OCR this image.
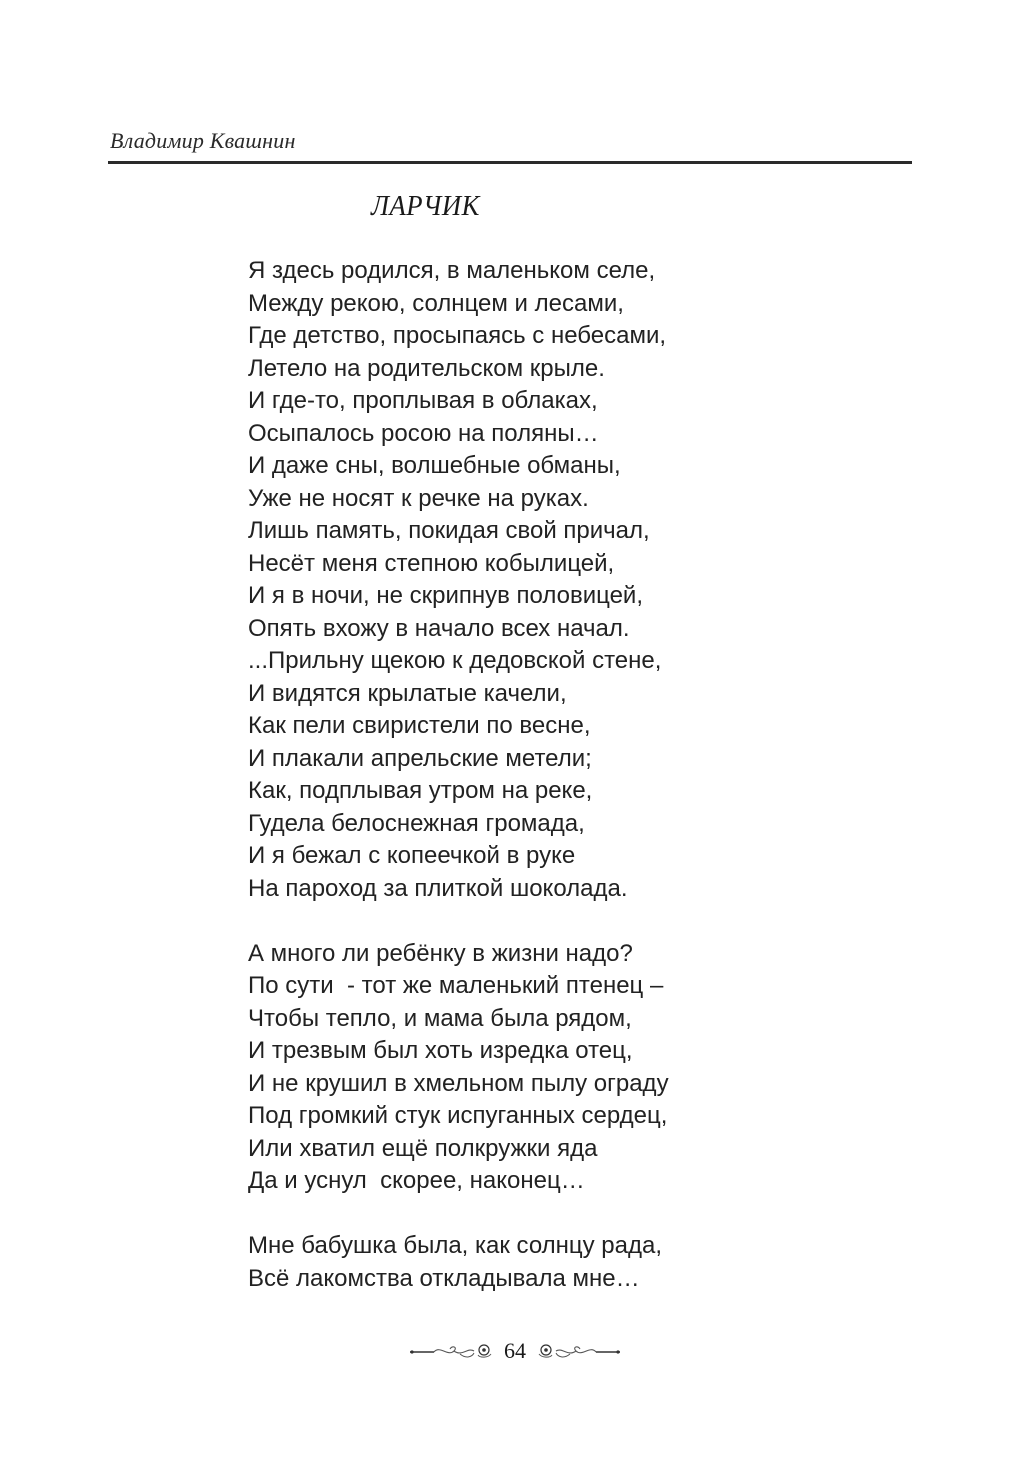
Владимир Квашнин
ЛАРЧИК
Я здесь родился, в маленьком селе,
Между рекою, солнцем и лесами,
Где детство, просыпаясь с небесами,
Летело на родительском крыле.
И где-то, проплывая в облаках,
Осыпалось росою на поляны…
И даже сны, волшебные обманы,
Уже не носят к речке на руках.
Лишь память, покидая свой причал,
Несёт меня степною кобылицей,
И я в ночи, не скрипнув половицей,
Опять вхожу в начало всех начал.
...Прильну щекою к дедовской стене,
И видятся крылатые качели,
Как пели свиристели по весне,
И плакали апрельские метели;
Как, подплывая утром на реке,
Гудела белоснежная громада,
И я бежал с копеечкой в руке
На пароход за плиткой шоколада.
А много ли ребёнку в жизни надо?
По сути  - тот же маленький птенец –
Чтобы тепло, и мама была рядом,
И трезвым был хоть изредка отец,
И не крушил в хмельном пылу ограду
Под громкий стук испуганных сердец,
Или хватил ещё полкружки яда
Да и уснул  скорее, наконец…
Мне бабушка была, как солнцу рада,
Всё лакомства откладывала мне…
64
